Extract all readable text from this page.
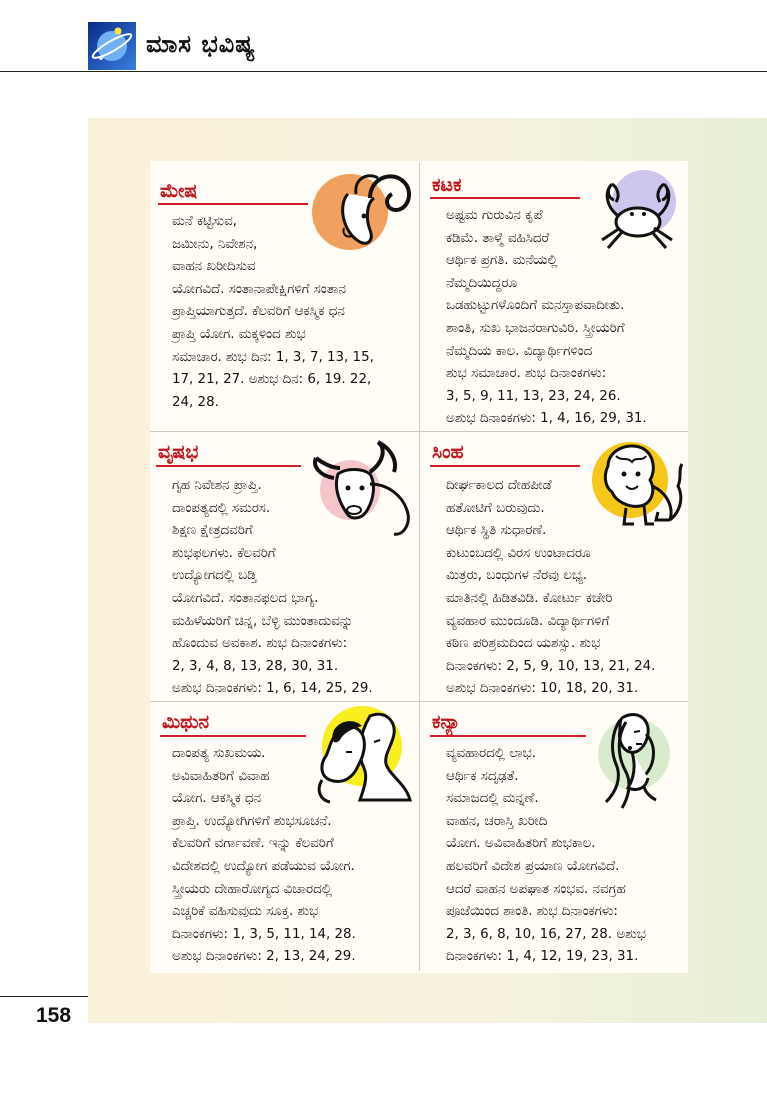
ಮಾಸ ಭವಿಷ್ಯ
ಮೇಷ
ಮನೆ ಕಟ್ಟಿಸುವ,
ಜಮೀನು, ನಿವೇಶನ,
ವಾಹನ ಖರೀದಿಸುವ
ಯೋಗವಿದೆ. ಸಂತಾನಾಪೇಕ್ಷಿಗಳಿಗೆ ಸಂತಾನ
ಪ್ರಾಪ್ತಿಯಾಗುತ್ತದೆ. ಕೆಲವರಿಗೆ ಆಕಸ್ಮಿಕ ಧನ
ಪ್ರಾಪ್ತಿ ಯೋಗ. ಮಕ್ಕಳಿಂದ ಶುಭ
ಸಮಾಚಾರ. ಶುಭ ದಿನ: 1, 3, 7, 13, 15,
17, 21, 27. ಅಶುಭ ದಿನ: 6, 19. 22,
24, 28.
ಕಟಕ
ಅಷ್ಟಮ ಗುರುವಿನ ಕೃಪೆ
ಕಡಿಮೆ. ತಾಳ್ಮೆ ವಹಿಸಿದರೆ
ಆರ್ಥಿಕ ಪ್ರಗತಿ. ಮನೆಯಲ್ಲಿ
ನೆಮ್ಮದಿಯಿದ್ದರೂ
ಒಡಹುಟ್ಟುಗಳೊಂದಿಗೆ ಮನಸ್ತಾಪವಾದೀತು.
ಶಾಂತಿ, ಸುಖ ಭಾಜನರಾಗುವಿರಿ. ಸ್ತ್ರೀಯರಿಗೆ
ನೆಮ್ಮದಿಯ ಕಾಲ. ವಿದ್ಯಾರ್ಥಿಗಳಿಂದ
ಶುಭ ಸಮಾಚಾರ. ಶುಭ ದಿನಾಂಕಗಳು:
3, 5, 9, 11, 13, 23, 24, 26.
ಅಶುಭ ದಿನಾಂಕಗಳು: 1, 4, 16, 29, 31.
ವೃಷಭ
ಗೃಹ ನಿವೇಶನ ಪ್ರಾಪ್ತಿ.
ದಾಂಪತ್ಯದಲ್ಲಿ ಸಮರಸ.
ಶಿಕ್ಷಣ ಕ್ಷೇತ್ರದವರಿಗೆ
ಶುಭಫಲಗಳು. ಕೆಲವರಿಗೆ
ಉದ್ಯೋಗದಲ್ಲಿ ಬಡ್ತಿ
ಯೋಗವಿದೆ. ಸಂತಾನಫಲದ ಭಾಗ್ಯ.
ಮಹಿಳೆಯರಿಗೆ ಚಿನ್ನ, ಬೆಳ್ಳಿ ಮುಂತಾದುವನ್ನು
ಹೊಂದುವ ಅವಕಾಶ. ಶುಭ ದಿನಾಂಕಗಳು:
2, 3, 4, 8, 13, 28, 30, 31.
ಅಶುಭ ದಿನಾಂಕಗಳು: 1, 6, 14, 25, 29.
ಸಿಂಹ
ದೀರ್ಘಕಾಲದ ದೇಹಪೀಡೆ
ಹತೋಟಿಗೆ ಬರುವುದು.
ಆರ್ಥಿಕ ಸ್ಥಿತಿ ಸುಧಾರಣೆ.
ಕುಟುಂಬದಲ್ಲಿ ವಿರಸ ಉಂಟಾದರೂ
ಮಿತ್ರರು, ಬಂಧುಗಳ ನೆರವು ಲಭ್ಯ.
ಮಾತಿನಲ್ಲಿ ಹಿಡಿತವಿಡಿ. ಕೋರ್ಟು ಕಚೇರಿ
ವ್ಯವಹಾರ ಮುಂದೂಡಿ. ವಿದ್ಯಾರ್ಥಿಗಳಿಗೆ
ಕಠಿಣ ಪರಿಶ್ರಮದಿಂದ ಯಶಸ್ಸು. ಶುಭ
ದಿನಾಂಕಗಳು: 2, 5, 9, 10, 13, 21, 24.
ಅಶುಭ ದಿನಾಂಕಗಳು: 10, 18, 20, 31.
ಮಿಥುನ
ದಾಂಪತ್ಯ ಸುಖಮಯ.
ಅವಿವಾಹಿತರಿಗೆ ವಿವಾಹ
ಯೋಗ. ಆಕಸ್ಮಿಕ ಧನ
ಪ್ರಾಪ್ತಿ. ಉದ್ಯೋಗಿಗಳಿಗೆ ಶುಭಸೂಚನೆ.
ಕೆಲವರಿಗೆ ವರ್ಗಾವಣೆ. ಇನ್ನು ಕೆಲವರಿಗೆ
ವಿದೇಶದಲ್ಲಿ ಉದ್ಯೋಗ ಪಡೆಯುವ ಯೋಗ.
ಸ್ತ್ರೀಯರು ದೇಹಾರೋಗ್ಯದ ವಿಚಾರದಲ್ಲಿ
ಎಚ್ಚರಿಕೆ ವಹಿಸುವುದು ಸೂಕ್ತ. ಶುಭ
ದಿನಾಂಕಗಳು: 1, 3, 5, 11, 14, 28.
ಅಶುಭ ದಿನಾಂಕಗಳು: 2, 13, 24, 29.
ಕನ್ಯಾ
ವ್ಯವಹಾರದಲ್ಲಿ ಲಾಭ.
ಆರ್ಥಿಕ ಸದೃಢತೆ.
ಸಮಾಜದಲ್ಲಿ ಮನ್ನಣೆ.
ವಾಹನ, ಚರಾಸ್ತಿ ಖರೀದಿ
ಯೋಗ. ಅವಿವಾಹಿತರಿಗೆ ಶುಭಕಾಲ.
ಹಲವರಿಗೆ ವಿದೇಶ ಪ್ರಯಾಣ ಯೋಗವಿದೆ.
ಆದರೆ ವಾಹನ ಅಪಘಾತ ಸಂಭವ. ನವಗ್ರಹ
ಪೂಜೆಯಿಂದ ಶಾಂತಿ. ಶುಭ ದಿನಾಂಕಗಳು:
2, 3, 6, 8, 10, 16, 27, 28. ಅಶುಭ
ದಿನಾಂಕಗಳು: 1, 4, 12, 19, 23, 31.
158
